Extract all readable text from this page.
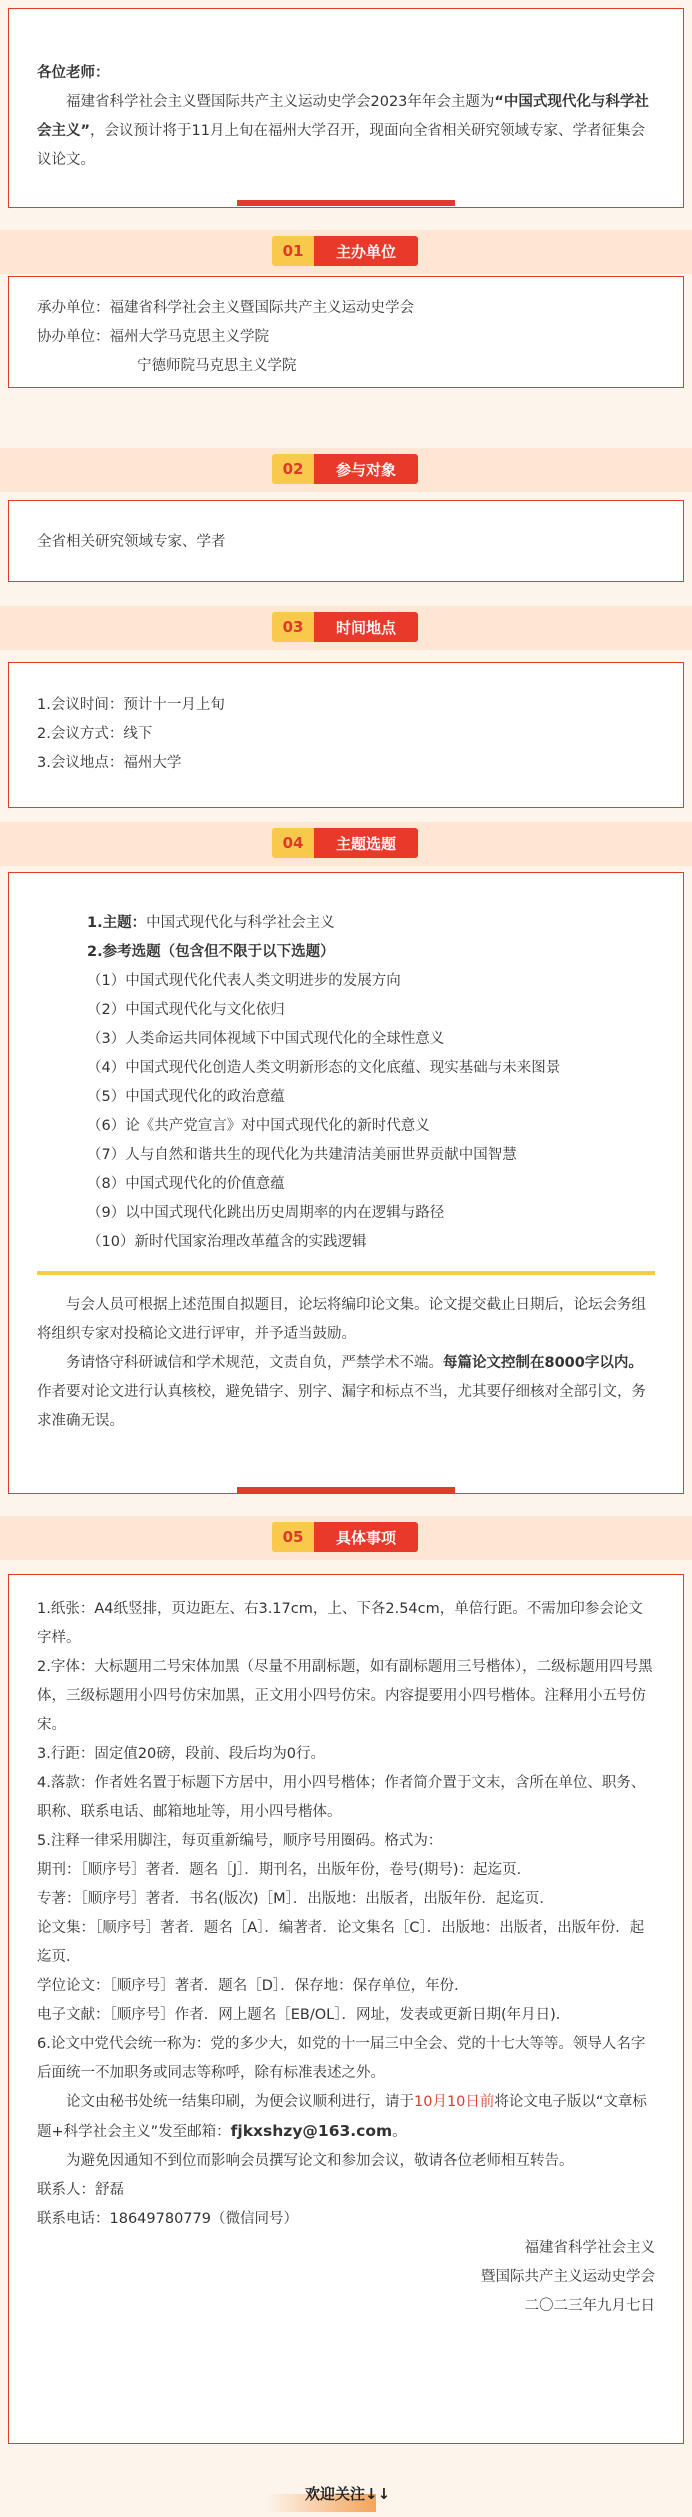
各位老师：

福建省科学社会主义暨国际共产主义运动史学会2023年年会主题为“中国式现代化与科学社会主义”，会议预计将于11月上旬在福州大学召开，现面向全省相关研究领域专家、学者征集会议论文。

01	主办单位

承办单位：福建省科学社会主义暨国际共产主义运动史学会

协办单位：福州大学马克思主义学院

宁德师院马克思主义学院

02	参与对象

全省相关研究领域专家、学者

03	时间地点

1.会议时间：预计十一月上旬

2.会议方式：线下

3.会议地点：福州大学

04	主题选题

1.主题：中国式现代化与科学社会主义

2.参考选题（包含但不限于以下选题）

（1）中国式现代化代表人类文明进步的发展方向

（2）中国式现代化与文化依归

（3）人类命运共同体视域下中国式现代化的全球性意义

（4）中国式现代化创造人类文明新形态的文化底蕴、现实基础与未来图景

（5）中国式现代化的政治意蕴

（6）论《共产党宣言》对中国式现代化的新时代意义

（7）人与自然和谐共生的现代化为共建清洁美丽世界贡献中国智慧

（8）中国式现代化的价值意蕴

（9）以中国式现代化跳出历史周期率的内在逻辑与路径

（10）新时代国家治理改革蕴含的实践逻辑

与会人员可根据上述范围自拟题目，论坛将编印论文集。论文提交截止日期后，论坛会务组将组织专家对投稿论文进行评审，并予适当鼓励。

务请恪守科研诚信和学术规范，文责自负，严禁学术不端。每篇论文控制在8000字以内。作者要对论文进行认真核校，避免错字、别字、漏字和标点不当，尤其要仔细核对全部引文，务求准确无误。

05	具体事项

1.纸张：A4纸竖排，页边距左、右3.17cm，上、下各2.54cm，单倍行距。不需加印参会论文字样。

2.字体：大标题用二号宋体加黑（尽量不用副标题，如有副标题用三号楷体），二级标题用四号黑体，三级标题用小四号仿宋加黑，正文用小四号仿宋。内容提要用小四号楷体。注释用小五号仿宋。

3.行距：固定值20磅，段前、段后均为0行。

4.落款：作者姓名置于标题下方居中，用小四号楷体；作者简介置于文末，含所在单位、职务、职称、联系电话、邮箱地址等，用小四号楷体。

5.注释一律采用脚注，每页重新编号，顺序号用圈码。格式为：

期刊：［顺序号］著者．题名［J］．期刊名，出版年份，卷号(期号)：起迄页．

专著：［顺序号］著者．书名(版次)［M］．出版地：出版者，出版年份．起迄页．

论文集：［顺序号］著者．题名［A］．编著者．论文集名［C］．出版地：出版者，出版年份．起迄页．

学位论文：［顺序号］著者．题名［D］．保存地：保存单位，年份．

电子文献：［顺序号］作者．网上题名［EB/OL］．网址，发表或更新日期(年月日)．

6.论文中党代会统一称为：党的多少大，如党的十一届三中全会、党的十七大等等。领导人名字后面统一不加职务或同志等称呼，除有标准表述之外。

论文由秘书处统一结集印刷，为便会议顺利进行，请于10月10日前将论文电子版以“文章标题+科学社会主义”发至邮箱：fjkxshzy@163.com。

为避免因通知不到位而影响会员撰写论文和参加会议，敬请各位老师相互转告。

联系人：舒磊

联系电话：18649780779（微信同号）

福建省科学社会主义

暨国际共产主义运动史学会

二〇二三年九月七日

欢迎关注↓↓
